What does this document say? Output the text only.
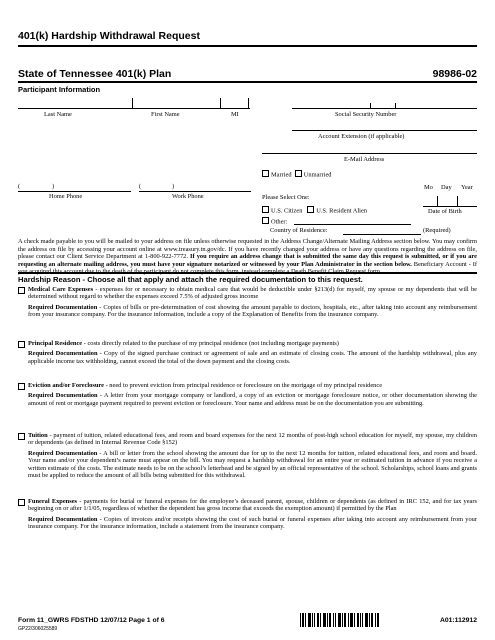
401(k) Hardship Withdrawal Request
State of Tennessee 401(k) Plan	98986-02
Participant Information
Last Name	First Name	MI	Social Security Number
Account Extension (if applicable)
E-Mail Address
Married Unmarried
(	)	(	)
Home Phone	Work Phone
Mo Day Year
Date of Birth
Please Select One:
U.S. Citizen U.S. Resident Alien
Other:
Country of Residence:	(Required)
A check made payable to you will be mailed to your address on file unless otherwise requested in the Address Change/Alternate Mailing Address section below. You may confirm the address on file by accessing your account online at www.treasury.tn.gov/dc. If you have recently changed your address or have any questions regarding the address on file, please contact our Client Service Department at 1-800-922-7772. If you require an address change that is submitted the same day this request is submitted, or if you are requesting an alternate mailing address, you must have your signature notarized or witnessed by your Plan Administrator in the section below. Beneficiary Account - If
Hardship Reason - Choose all that apply and attach the required documentation to this request.
Medical Care Expenses - expenses for or necessary to obtain medical care that would be deductible under §213(d) for myself, my spouse or my dependents that will be determined without regard to whether the expenses exceed 7.5% of adjusted gross income
Required Documentation - Copies of bills or pre-determination of cost showing the amount payable to doctors, hospitals, etc., after taking into account any reimbursement from your insurance company. For the insurance information, include a copy of the Explanation of Benefits from the insurance company.
Principal Residence - costs directly related to the purchase of my principal residence (not including mortgage payments)
Required Documentation - Copy of the signed purchase contract or agreement of sale and an estimate of closing costs. The amount of the hardship withdrawal, plus any applicable income tax withholding, cannot exceed the total of the down payment and the closing costs.
Eviction and/or Foreclosure - need to prevent eviction from principal residence or foreclosure on the mortgage of my principal residence
Required Documentation - A letter from your mortgage company or landlord, a copy of an eviction or mortgage foreclosure notice, or other documentation showing the amount of rent or mortgage payment required to prevent eviction or foreclosure. Your name and address must be on the documentation you are submitting.
Tuition - payment of tuition, related educational fees, and room and board expenses for the next 12 months of post-high school education for myself, my spouse, my children or dependents (as defined in Internal Revenue Code §152)
Required Documentation - A bill or letter from the school showing the amount due for up to the next 12 months for tuition, related educational fees, and room and board. Your name and/or your dependent’s name must appear on the bill. You may request a hardship withdrawal for an entire year or estimated tuition in advance if you receive a written estimate of the costs. The estimate needs to be on the school’s letterhead and be signed by an official representative of the school. Scholarships, school loans and grants must be applied to reduce the amount of all bills being submitted for this withdrawal.
Funeral Expenses - payments for burial or funeral expenses for the employee’s deceased parent, spouse, children or dependents (as defined in IRC 152, and for tax years beginning on or after 1/1/05, regardless of whether the dependent has gross income that exceeds the exemption amount) if permitted by the Plan
Required Documentation - Copies of invoices and/or receipts showing the cost of such burial or funeral expenses after taking into account any reimbursement from your insurance company. For the insurance information, include a statement from the insurance company.
Form 11_GWRS FDSTHD 12/07/12 Page 1 of 6
GP22/306025589
A01:112912
